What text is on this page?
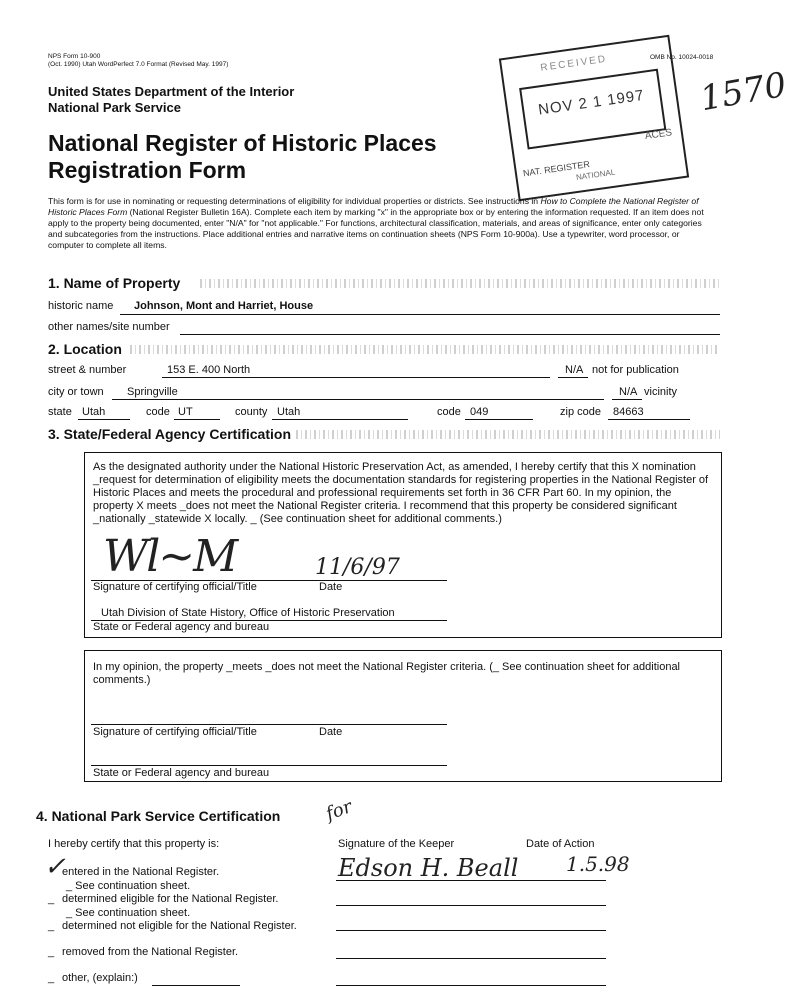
NPS Form 10-900
(Oct. 1990) Utah WordPerfect 7.0 Format (Revised May. 1997)
OMB No. 10024-0018
RECEIVED
NOV 2 1 1997
NAT. REGISTER
NATIONAL
ACES
1570
United States Department of the Interior
National Park Service
National Register of Historic Places
Registration Form
This form is for use in nominating or requesting determinations of eligibility for individual properties or districts. See instructions in How to Complete the National Register of Historic Places Form (National Register Bulletin 16A). Complete each item by marking "x" in the appropriate box or by entering the information requested. If an item does not apply to the property being documented, enter "N/A" for "not applicable." For functions, architectural classification, materials, and areas of significance, enter only categories and subcategories from the instructions. Place additional entries and narrative items on continuation sheets (NPS Form 10-900a). Use a typewriter, word processor, or computer to complete all items.
1. Name of Property
historic name Johnson, Mont and Harriet, House
other names/site number
2. Location
street & number	153 E. 400 North	N/A not for publication
city or town Springville	N/A vicinity
state Utah	code UT	county Utah	code 049	zip code 84663
3. State/Federal Agency Certification
As the designated authority under the National Historic Preservation Act, as amended, I hereby certify that this X nomination _request for determination of eligibility meets the documentation standards for registering properties in the National Register of Historic Places and meets the procedural and professional requirements set forth in 36 CFR Part 60. In my opinion, the property X meets _does not meet the National Register criteria. I recommend that this property be considered significant _nationally _statewide X locally. _ (See continuation sheet for additional comments.)
Wl~M	11/6/97
Signature of certifying official/Title	Date
Utah Division of State History, Office of Historic Preservation
State or Federal agency and bureau
In my opinion, the property _meets _does not meet the National Register criteria. (_ See continuation sheet for additional comments.)
Signature of certifying official/Title	Date
State or Federal agency and bureau
4. National Park Service Certification
I hereby certify that this property is:	Signature of the Keeper	Date of Action
for
Edson H. Beall 1.5.98
✓
entered in the National Register.
_ See continuation sheet.
_ determined eligible for the National Register.
_ See continuation sheet.
_ determined not eligible for the National Register.
_ removed from the National Register.
_ other, (explain:)
